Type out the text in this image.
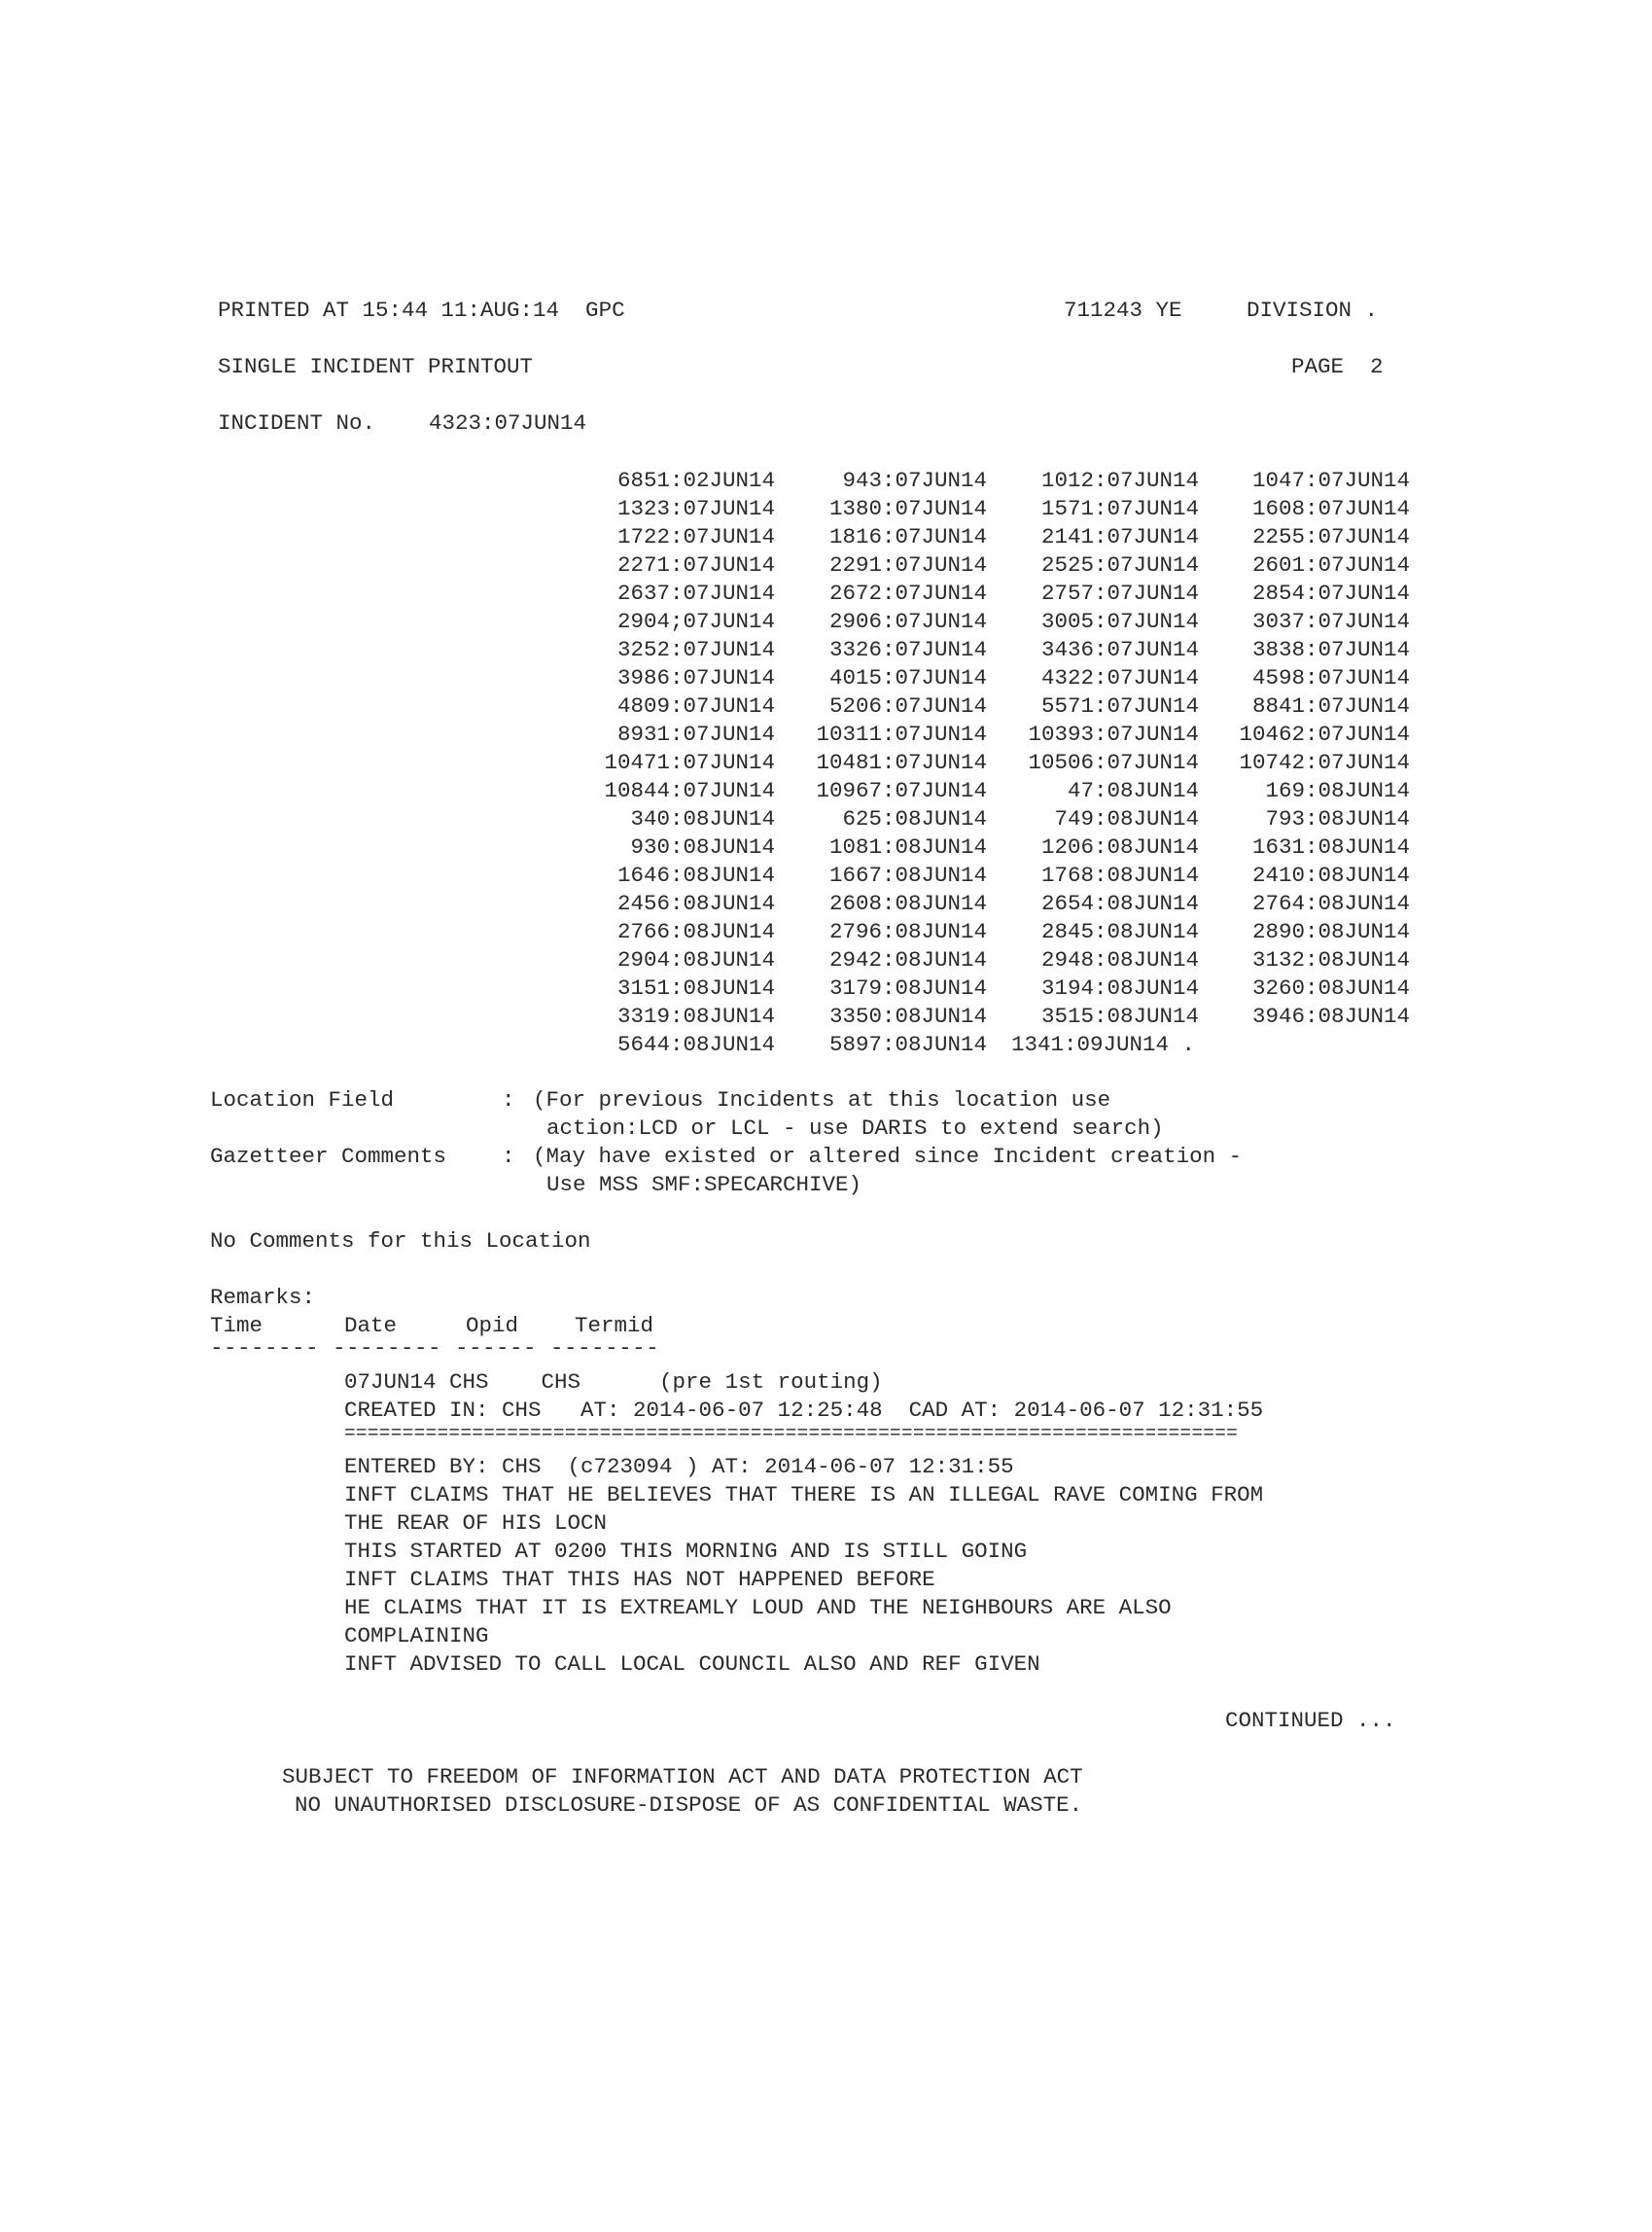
PRINTED AT 15:44 11:AUG:14  GPC	711243 YE	DIVISION .
SINGLE INCIDENT PRINTOUT	PAGE  2
INCIDENT No. 4323:07JUN14
6851:02JUN14	943:07JUN14	1012:07JUN14	1047:07JUN14
1323:07JUN14	1380:07JUN14	1571:07JUN14	1608:07JUN14
1722:07JUN14	1816:07JUN14	2141:07JUN14	2255:07JUN14
2271:07JUN14	2291:07JUN14	2525:07JUN14	2601:07JUN14
2637:07JUN14	2672:07JUN14	2757:07JUN14	2854:07JUN14
2904;07JUN14	2906:07JUN14	3005:07JUN14	3037:07JUN14
3252:07JUN14	3326:07JUN14	3436:07JUN14	3838:07JUN14
3986:07JUN14	4015:07JUN14	4322:07JUN14	4598:07JUN14
4809:07JUN14	5206:07JUN14	5571:07JUN14	8841:07JUN14
8931:07JUN14	10311:07JUN14	10393:07JUN14	10462:07JUN14
10471:07JUN14	10481:07JUN14	10506:07JUN14	10742:07JUN14
10844:07JUN14	10967:07JUN14	47:08JUN14	169:08JUN14
340:08JUN14	625:08JUN14	749:08JUN14	793:08JUN14
930:08JUN14	1081:08JUN14	1206:08JUN14	1631:08JUN14
1646:08JUN14	1667:08JUN14	1768:08JUN14	2410:08JUN14
2456:08JUN14	2608:08JUN14	2654:08JUN14	2764:08JUN14
2766:08JUN14	2796:08JUN14	2845:08JUN14	2890:08JUN14
2904:08JUN14	2942:08JUN14	2948:08JUN14	3132:08JUN14
3151:08JUN14	3179:08JUN14	3194:08JUN14	3260:08JUN14
3319:08JUN14	3350:08JUN14	3515:08JUN14	3946:08JUN14
5644:08JUN14	5897:08JUN14 1341:09JUN14 .
Location Field	: (For previous Incidents at this location use
action:LCD or LCL - use DARIS to extend search)
Gazetteer Comments	: (May have existed or altered since Incident creation -
Use MSS SMF:SPECARCHIVE)
No Comments for this Location
Remarks:
Time	Date	Opid	Termid
-------- -------- ------ --------
07JUN14 CHS    CHS      (pre 1st routing)
CREATED IN: CHS   AT: 2014-06-07 12:25:48  CAD AT: 2014-06-07 12:31:55
=============================================================================
ENTERED BY: CHS  (c723094 ) AT: 2014-06-07 12:31:55
INFT CLAIMS THAT HE BELIEVES THAT THERE IS AN ILLEGAL RAVE COMING FROM
THE REAR OF HIS LOCN
THIS STARTED AT 0200 THIS MORNING AND IS STILL GOING
INFT CLAIMS THAT THIS HAS NOT HAPPENED BEFORE
HE CLAIMS THAT IT IS EXTREAMLY LOUD AND THE NEIGHBOURS ARE ALSO
COMPLAINING
INFT ADVISED TO CALL LOCAL COUNCIL ALSO AND REF GIVEN
CONTINUED ...
SUBJECT TO FREEDOM OF INFORMATION ACT AND DATA PROTECTION ACT
NO UNAUTHORISED DISCLOSURE-DISPOSE OF AS CONFIDENTIAL WASTE.
